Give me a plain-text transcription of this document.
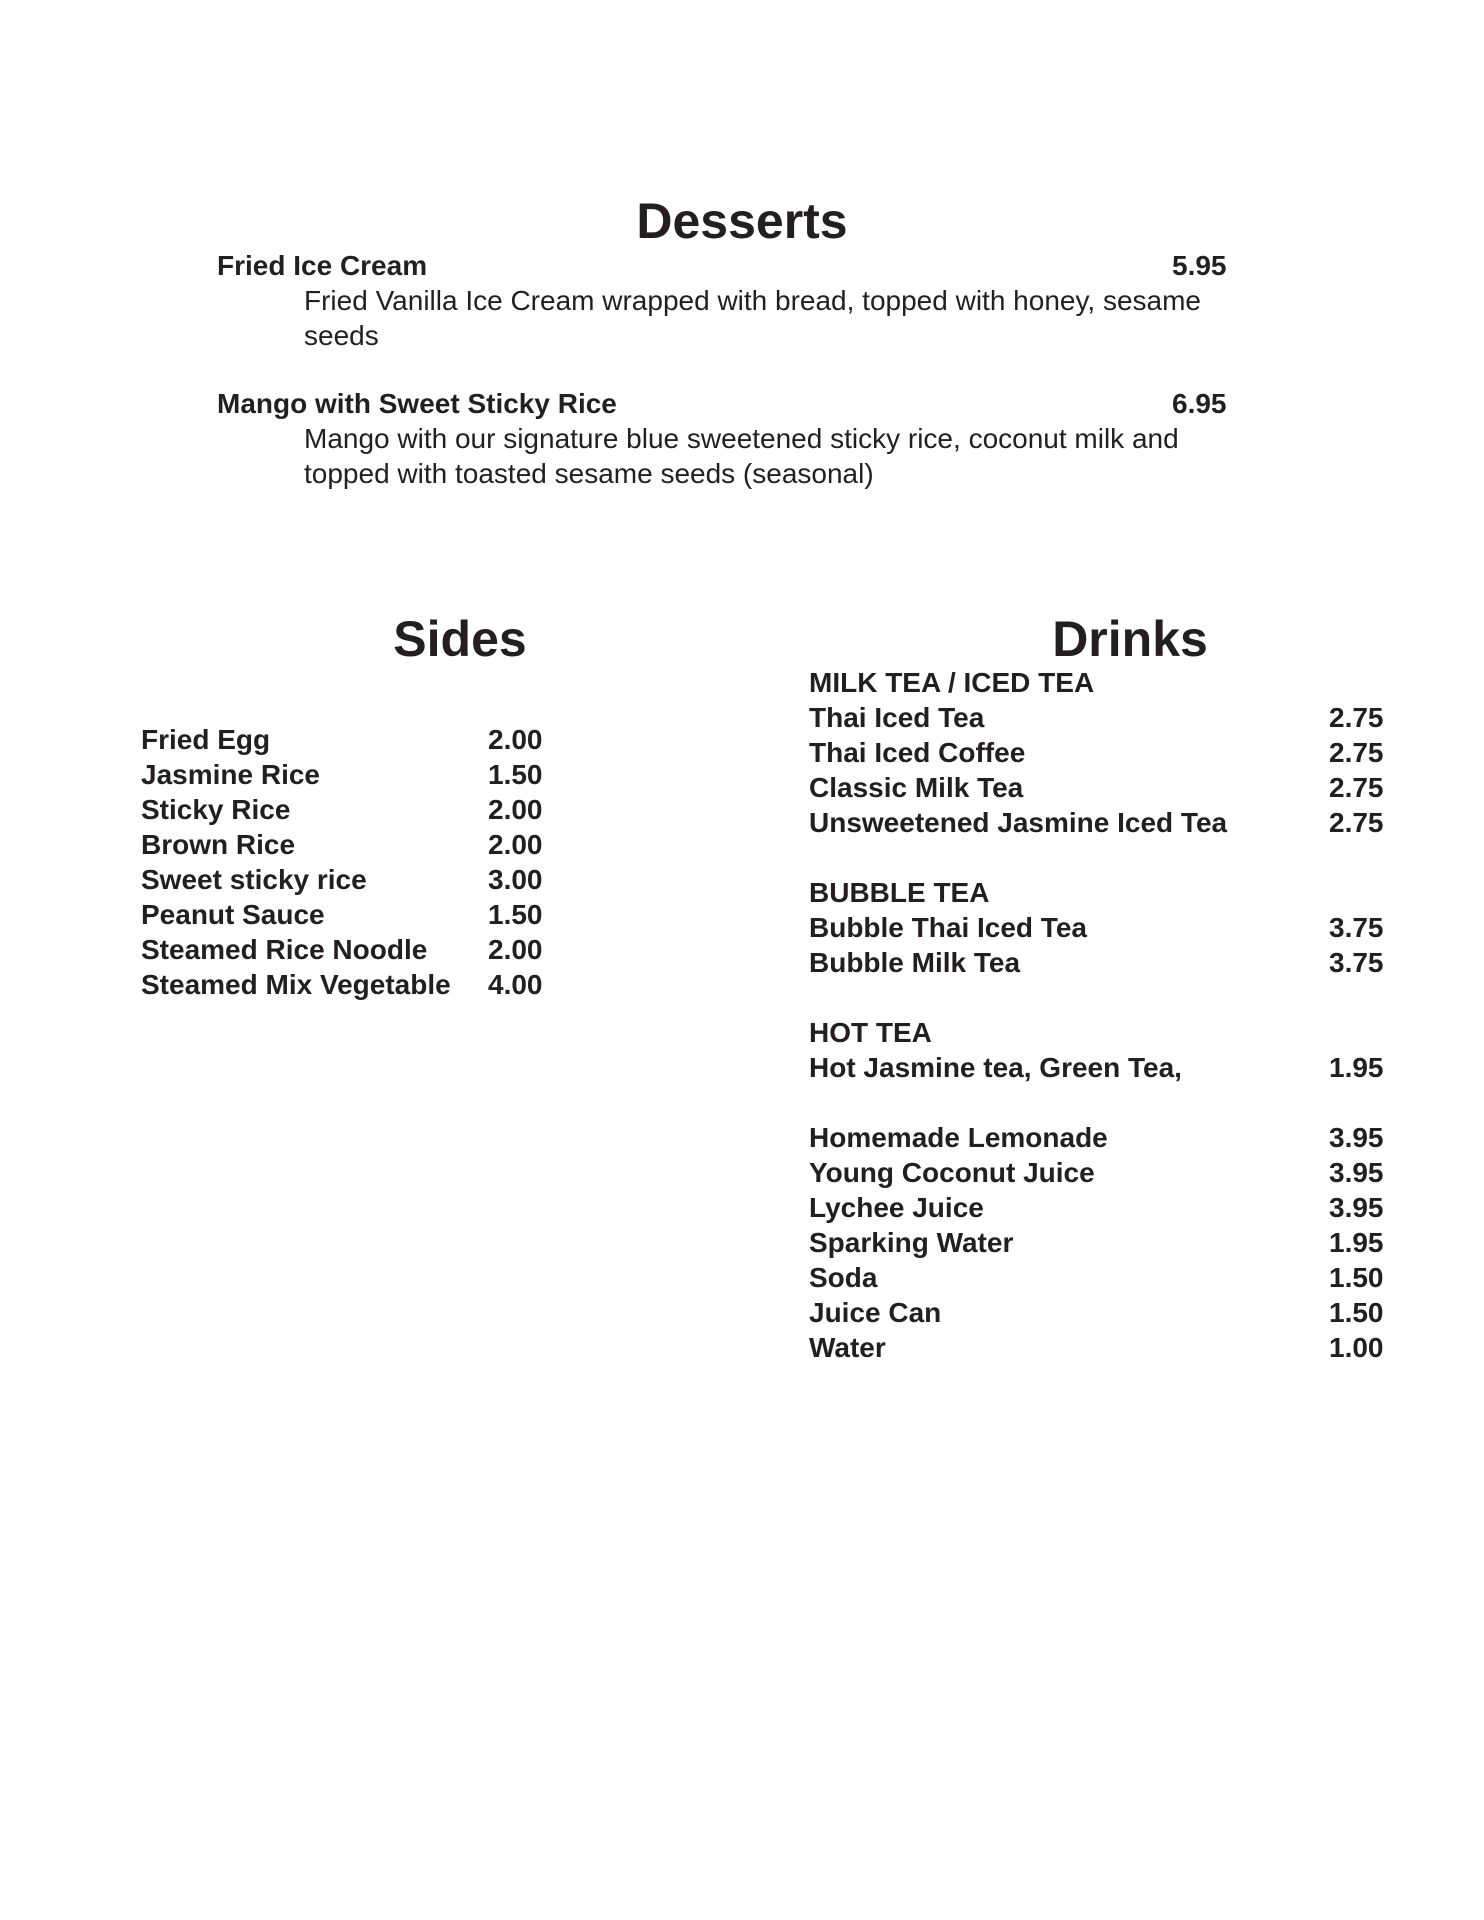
Desserts
Fried Ice Cream	5.95
Fried Vanilla Ice Cream wrapped with bread, topped with honey, sesame seeds
Mango with Sweet Sticky Rice	6.95
Mango with our signature blue sweetened sticky rice, coconut milk and topped with toasted sesame seeds (seasonal)
Sides
Fried Egg	2.00
Jasmine Rice	1.50
Sticky Rice	2.00
Brown Rice	2.00
Sweet sticky rice	3.00
Peanut Sauce	1.50
Steamed Rice Noodle 2.00
Steamed Mix Vegetable 4.00
Drinks
MILK TEA / ICED TEA
Thai Iced Tea	2.75
Thai Iced Coffee	2.75
Classic Milk Tea	2.75
Unsweetened Jasmine Iced Tea	2.75
BUBBLE TEA
Bubble Thai Iced Tea	3.75
Bubble Milk Tea	3.75
HOT TEA
Hot Jasmine tea, Green Tea,	1.95
Homemade Lemonade	3.95
Young Coconut Juice	3.95
Lychee Juice	3.95
Sparking Water	1.95
Soda	1.50
Juice Can	1.50
Water	1.00
